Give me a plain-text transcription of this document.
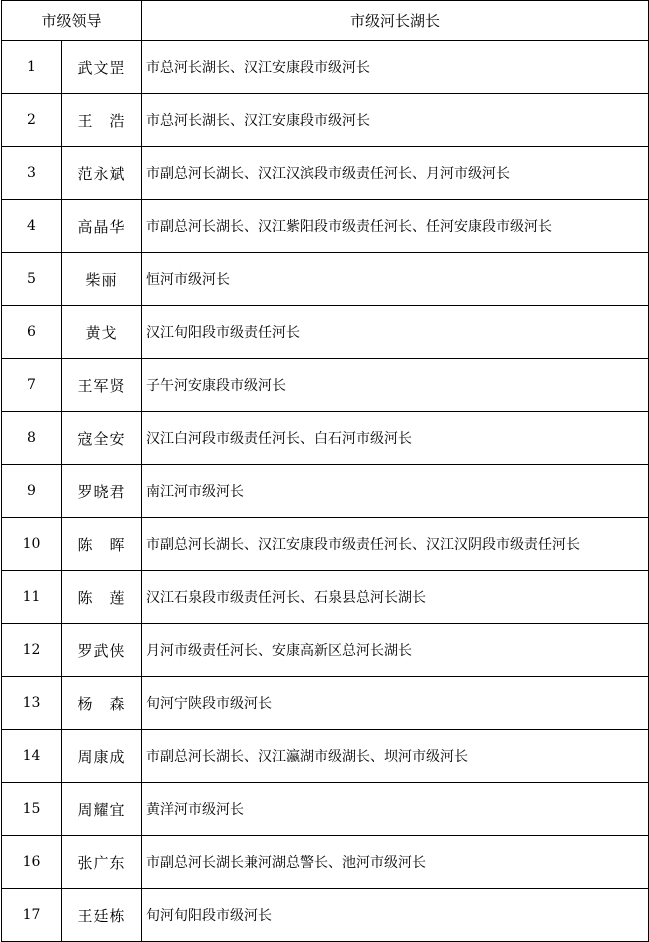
市级领导		市级河长湖长
1	武文罡	市总河长湖长、汉江安康段市级河长
2	王　浩	市总河长湖长、汉江安康段市级河长
3	范永斌	市副总河长湖长、汉江汉滨段市级责任河长、月河市级河长
4	高晶华	市副总河长湖长、汉江紫阳段市级责任河长、任河安康段市级河长
5	柴丽	恒河市级河长
6	黄戈	汉江旬阳段市级责任河长
7	王军贤	子午河安康段市级河长
8	寇全安	汉江白河段市级责任河长、白石河市级河长
9	罗晓君	南江河市级河长
10	陈　晖	市副总河长湖长、汉江安康段市级责任河长、汉江汉阴段市级责任河长
11	陈　莲	汉江石泉段市级责任河长、石泉县总河长湖长
12	罗武侠	月河市级责任河长、安康高新区总河长湖长
13	杨　森	旬河宁陕段市级河长
14	周康成	市副总河长湖长、汉江瀛湖市级湖长、坝河市级河长
15	周耀宜	黄洋河市级河长
16	张广东	市副总河长湖长兼河湖总警长、池河市级河长
17	王廷栋	旬河旬阳段市级河长
